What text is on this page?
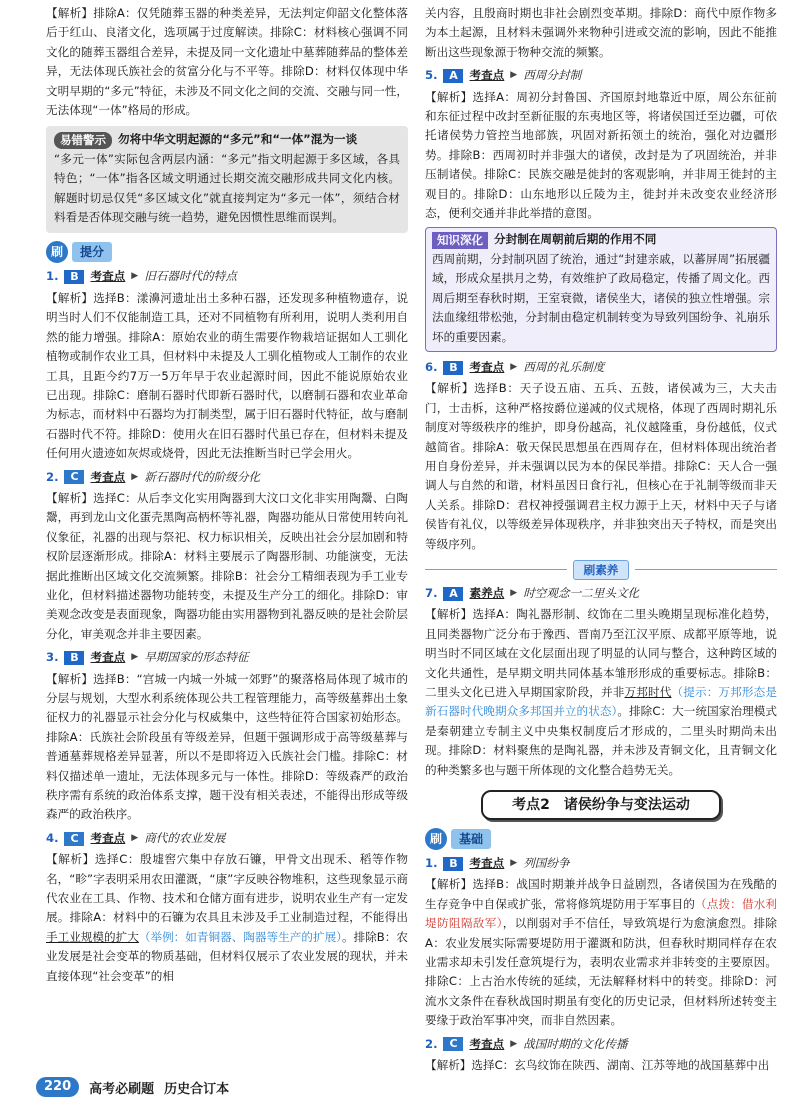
【解析】排除A：仅凭随葬玉器的种类差异，无法判定仰韶文化整体落后于红山、良渚文化，选项属于过度解读。排除C：材料核心强调不同文化的随葬玉器组合差异，未提及同一文化遗址中墓葬随葬品的整体差异，无法体现氏族社会的贫富分化与不平等。排除D：材料仅体现中华文明早期的“多元”特征，未涉及不同文化之间的交流、交融与同一性，无法体现“一体”格局的形成。

易错警示	勿将中华文明起源的“多元”和“一体”混为一谈

“多元一体”实际包含两层内涵：“多元”指文明起源于多区域，各具特色；“一体”指各区域文明通过长期交流交融形成共同文化内核。解题时切忌仅凭“多区域文化”就直接判定为“多元一体”，须结合材料看是否体现交融与统一趋势，避免因惯性思维而误判。

刷	提分
1.	B	考查点 ▶ 旧石器时代的特点

【解析】选择B：漾濞河遗址出土多种石器，还发现多种植物遗存，说明当时人们不仅能制造工具，还对不同植物有所利用，说明人类利用自然的能力增强。排除A：原始农业的萌生需要作物栽培证据如人工驯化植物或制作农业工具，但材料中未提及人工驯化植物或人工制作的农业工具，且距今约7万一5万年早于农业起源时间，因此不能说原始农业已出现。排除C：磨制石器时代即新石器时代，以磨制石器和农业革命为标志，而材料中石器均为打制类型，属于旧石器时代特征，故与磨制石器时代不符。排除D：使用火在旧石器时代虽已存在，但材料未提及任何用火遗迹如灰烬或烧骨，因此无法推断当时已学会用火。

2.	C	考查点 ▶ 新石器时代的阶级分化

【解析】选择C：从后李文化实用陶器到大汶口文化非实用陶鬶、白陶鬶，再到龙山文化蛋壳黑陶高柄杯等礼器，陶器功能从日常使用转向礼仪象征，礼器的出现与祭祀、权力标识相关，反映出社会分层加剧和特权阶层逐渐形成。排除A：材料主要展示了陶器形制、功能演变，无法据此推断出区域文化交流频繁。排除B：社会分工精细表现为手工业专业化，但材料描述器物功能转变，未提及生产分工的细化。排除D：审美观念改变是表面现象，陶器功能由实用器物到礼器反映的是社会阶层分化，审美观念并非主要因素。

3.	B	考查点 ▶ 早期国家的形态特征

【解析】选择B：“宫城一内城一外城一郊野”的聚落格局体现了城市的分层与规划，大型水利系统体现公共工程管理能力，高等级墓葬出土象征权力的礼器显示社会分化与权威集中，这些特征符合国家初始形态。排除A：氏族社会阶段虽有等级差异，但题干强调形成于高等级墓葬与普通墓葬规格差异显著，所以不是即将迈入氏族社会门槛。排除C：材料仅描述单一遗址，无法体现多元与一体性。排除D：等级森严的政治秩序需有系统的政治体系支撑，题干没有相关表述，不能得出形成等级森严的政治秩序。

4.	C	考查点 ▶ 商代的农业发展

【解析】选择C：殷墟窖穴集中存放石镰，甲骨文出现禾、稻等作物名，“畛”字表明采用农田灌溉，“康”字反映谷物堆积，这些现象显示商代农业在工具、作物、技术和仓储方面有进步，说明农业生产有一定发展。排除A：材料中的石镰为农具且未涉及手工业制造过程，不能得出手工业规模的扩大（举例：如青铜器、陶器等生产的扩展）。排除B：农业发展是社会变革的物质基础，但材料仅展示了农业发展的现状，并未直接体现“社会变革”的相

关内容，且殷商时期也非社会剧烈变革期。排除D：商代中原作物多为本土起源，且材料未强调外来物种引进或交流的影响，因此不能推断出这些现象源于物种交流的频繁。

5.	A	考查点 ▶ 西周分封制

【解析】选择A：周初分封鲁国、齐国原封地靠近中原，周公东征前和东征过程中改封至新征服的东夷地区等，将诸侯国迁至边疆，可依托诸侯势力管控当地部族，巩固对新拓领土的统治，强化对边疆形势。排除B：西周初时并非强大的诸侯，改封是为了巩固统治，并非压制诸侯。排除C：民族交融是徙封的客观影响，并非周王徙封的主观目的。排除D：山东地形以丘陵为主，徙封并未改变农业经济形态，便利交通并非此举措的意图。

知识深化 分封制在周朝前后期的作用不同

西周前期，分封制巩固了统治，通过“封建亲戚，以蕃屏周”拓展疆域，形成众星拱月之势，有效维护了政局稳定，传播了周文化。西周后期至春秋时期，王室衰微，诸侯坐大，诸侯的独立性增强。宗法血缘纽带松弛，分封制由稳定机制转变为导致列国纷争、礼崩乐坏的重要因素。

6.	B	考查点 ▶ 西周的礼乐制度

【解析】选择B：天子设五庙、五兵、五鼓，诸侯减为三，大夫击门，士击柝，这种严格按爵位递减的仪式规格，体现了西周时期礼乐制度对等级秩序的维护，即身份越高，礼仪越隆重，身份越低，仪式越简省。排除A：敬天保民思想虽在西周存在，但材料体现出统治者用自身份差异，并未强调以民为本的保民举措。排除C：天人合一强调人与自然的和谐，材料虽因日食行礼，但核心在于礼制等级而非天人关系。排除D：君权神授强调君主权力源于上天，材料中天子与诸侯皆有礼仪，以等级差异体现秩序，并非独突出天子特权，而是突出等级序列。

刷素养
7.	A	素养点 ▶ 时空观念一二里头文化

【解析】选择A：陶礼器形制、纹饰在二里头晚期呈现标准化趋势，且同类器物广泛分布于豫西、晋南乃至江汉平原、成都平原等地，说明当时不同区域在文化层面出现了明显的认同与整合，这种跨区域的文化共通性，是早期文明共同体基本雏形形成的重要标志。排除B：二里头文化已进入早期国家阶段，并非万邦时代（提示：万邦形态是新石器时代晚期众多邦国并立的状态）。排除C：大一统国家治理模式是秦朝建立专制主义中央集权制度后才形成的，二里头时期尚未出现。排除D：材料聚焦的是陶礼器，并未涉及青铜文化，且青铜文化的种类繁多也与题干所体现的文化整合趋势无关。

考点2　诸侯纷争与变法运动
刷	基础
1.	B	考查点 ▶ 列国纷争

【解析】选择B：战国时期兼并战争日益剧烈，各诸侯国为在残酷的生存竞争中自保或扩张，常将修筑堤防用于军事目的（点拨：借水利堤防阻隔敌军），以削弱对手不信任，导致筑堤行为愈演愈烈。排除A：农业发展实际需要堤防用于灌溉和防洪，但春秋时期同样存在农业需求却未引发任意筑堤行为，表明农业需求并非转变的主要原因。排除C：上古治水传统的延续，无法解释材料中的转变。排除D：河流水文条件在春秋战国时期虽有变化的历史记录，但材料所述转变主要缘于政治军事冲突，而非自然因素。

2.	C	考查点 ▶ 战国时期的文化传播

【解析】选择C：玄鸟纹饰在陕西、湖南、江苏等地的战国墓葬中出

220	高考必刷题 历史合订本
